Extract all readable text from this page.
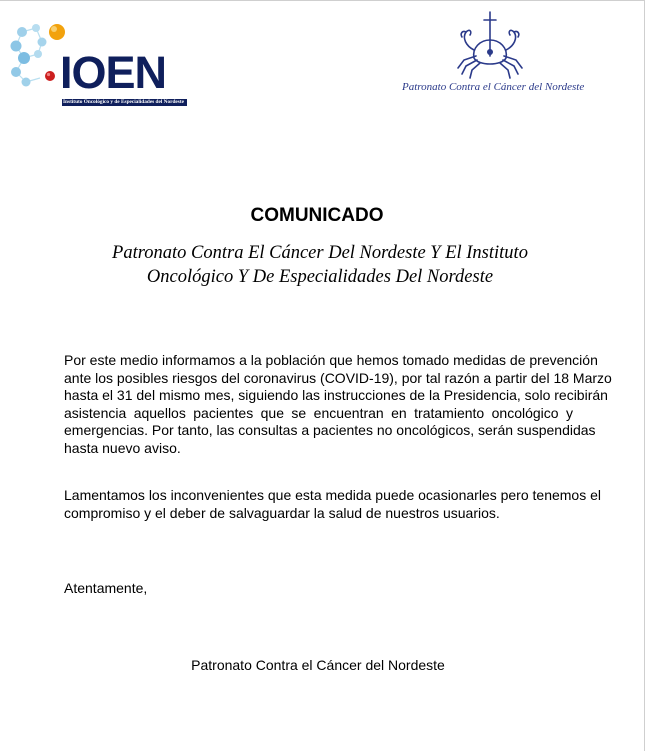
IOEN
Instituto Oncológico y de Especialidades del Nordeste
Patronato Contra el Cáncer del Nordeste
COMUNICADO
Patronato Contra El Cáncer Del Nordeste Y El Instituto
Oncológico Y De Especialidades Del Nordeste
Por este medio informamos a la población que hemos tomado medidas de prevención
ante los posibles riesgos del coronavirus (COVID-19), por tal razón a partir del 18 Marzo
hasta el 31 del mismo mes, siguiendo las instrucciones de la Presidencia, solo recibirán
asistencia aquellos pacientes que se encuentran en tratamiento oncológico y
emergencias. Por tanto, las consultas a pacientes no oncológicos, serán suspendidas
hasta nuevo aviso.
Lamentamos los inconvenientes que esta medida puede ocasionarles pero tenemos el
compromiso y el deber de salvaguardar la salud de nuestros usuarios.
Atentamente,
Patronato Contra el Cáncer del Nordeste
